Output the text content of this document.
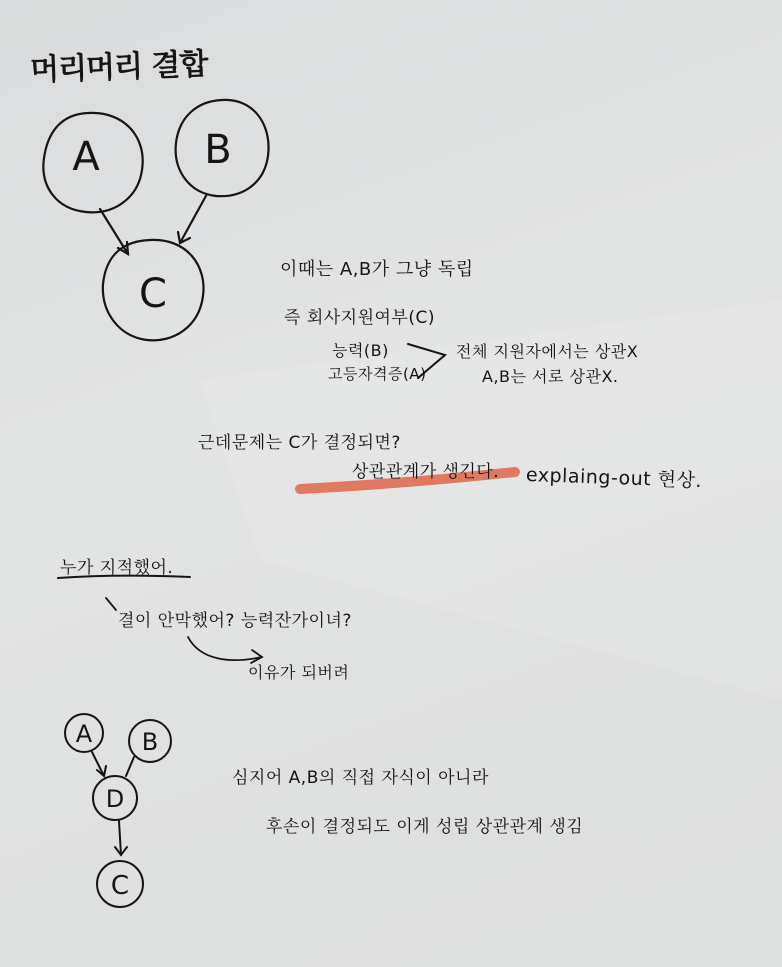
A	B
C
A B
D
C
머리머리 결합
이때는 A,B가 그냥 독립
즉 회사지원여부(C)
능력(B)
고등자격증(A)
전체 지원자에서는 상관X
A,B는 서로 상관X.
근데문제는 C가 결정되면?
상관관계가 생긴다. explaing-out 현상.
누가 지적했어.
결이 안막했어? 능력잔가이녀?
이유가 되버려
심지어 A,B의 직접 자식이 아니라
후손이 결정되도 이게 성립 상관관계 생김
